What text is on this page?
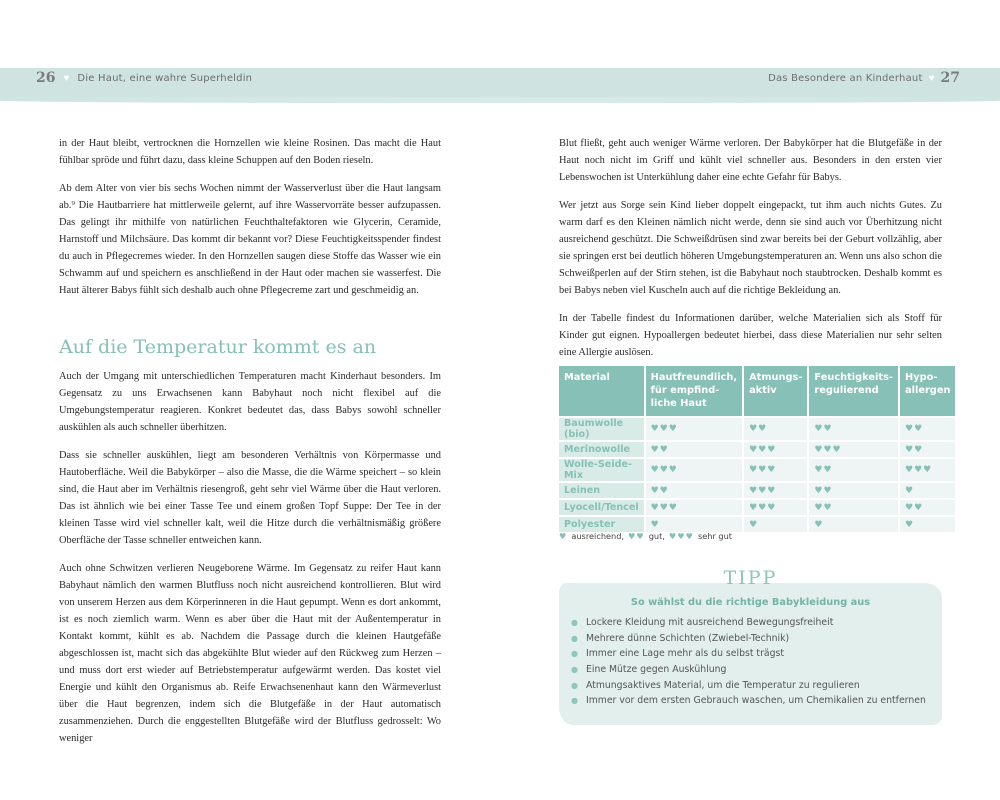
26 ♥ Die Haut, eine wahre Superheldin	Das Besondere an Kinderhaut ♥ 27

in der Haut bleibt, vertrocknen die Hornzellen wie kleine Rosinen. Das macht die Haut fühlbar spröde und führt dazu, dass kleine Schuppen auf den Boden rieseln.

Ab dem Alter von vier bis sechs Wochen nimmt der Wasserverlust über die Haut langsam ab.⁹ Die Hautbarriere hat mittlerweile gelernt, auf ihre Wasservorräte besser aufzupassen. Das gelingt ihr mithilfe von natürlichen Feuchthaltefaktoren wie Glycerin, Ceramide, Harnstoff und Milchsäure. Das kommt dir bekannt vor? Diese Feuchtigkeitsspender findest du auch in Pflegecremes wieder. In den Hornzellen saugen diese Stoffe das Wasser wie ein Schwamm auf und speichern es anschließend in der Haut oder machen sie wasserfest. Die Haut älterer Babys fühlt sich deshalb auch ohne Pflegecreme zart und geschmeidig an.

Auf die Temperatur kommt es an

Auch der Umgang mit unterschiedlichen Temperaturen macht Kinderhaut besonders. Im Gegensatz zu uns Erwachsenen kann Babyhaut noch nicht flexibel auf die Umgebungstemperatur reagieren. Konkret bedeutet das, dass Babys sowohl schneller auskühlen als auch schneller überhitzen.

Dass sie schneller auskühlen, liegt am besonderen Verhältnis von Körpermasse und Hautoberfläche. Weil die Babykörper – also die Masse, die die Wärme speichert – so klein sind, die Haut aber im Verhältnis riesengroß, geht sehr viel Wärme über die Haut verloren. Das ist ähnlich wie bei einer Tasse Tee und einem großen Topf Suppe: Der Tee in der kleinen Tasse wird viel schneller kalt, weil die Hitze durch die verhältnismäßig größere Oberfläche der Tasse schneller entweichen kann.

Auch ohne Schwitzen verlieren Neugeborene Wärme. Im Gegensatz zu reifer Haut kann Babyhaut nämlich den warmen Blutfluss noch nicht ausreichend kontrollieren. Blut wird von unserem Herzen aus dem Körperinneren in die Haut gepumpt. Wenn es dort ankommt, ist es noch ziemlich warm. Wenn es aber über die Haut mit der Außentemperatur in Kontakt kommt, kühlt es ab. Nachdem die Passage durch die kleinen Hautgefäße abgeschlossen ist, macht sich das abgekühlte Blut wieder auf den Rückweg zum Herzen – und muss dort erst wieder auf Betriebstemperatur aufgewärmt werden. Das kostet viel Energie und kühlt den Organismus ab. Reife Erwachsenenhaut kann den Wärmeverlust über die Haut begrenzen, indem sich die Blutgefäße in der Haut automatisch zusammenziehen. Durch die enggestellten Blutgefäße wird der Blutfluss gedrosselt: Wo weniger

Blut fließt, geht auch weniger Wärme verloren. Der Babykörper hat die Blutgefäße in der Haut noch nicht im Griff und kühlt viel schneller aus. Besonders in den ersten vier Lebenswochen ist Unterkühlung daher eine echte Gefahr für Babys.

Wer jetzt aus Sorge sein Kind lieber doppelt eingepackt, tut ihm auch nichts Gutes. Zu warm darf es den Kleinen nämlich nicht werde, denn sie sind auch vor Überhitzung nicht ausreichend geschützt. Die Schweißdrüsen sind zwar bereits bei der Geburt vollzählig, aber sie springen erst bei deutlich höheren Umgebungstemperaturen an. Wenn uns also schon die Schweißperlen auf der Stirn stehen, ist die Babyhaut noch staubtrocken. Deshalb kommt es bei Babys neben viel Kuscheln auch auf die richtige Bekleidung an.

In der Tabelle findest du Informationen darüber, welche Materialien sich als Stoff für Kinder gut eignen. Hypoallergen bedeutet hierbei, dass diese Materialien nur sehr selten eine Allergie auslösen.

Material	Hautfreundlich, für empfind-liche Haut	Atmungs-aktiv	Feuchtigkeits-regulierend	Hypo-allergen
Baumwolle (bio)	♥♥♥	♥♥	♥♥	♥♥
Merinowolle	♥♥	♥♥♥	♥♥♥	♥♥
Wolle-Seide-Mix	♥♥♥	♥♥♥	♥♥	♥♥♥
Leinen	♥♥	♥♥♥	♥♥	♥
Lyocell/Tencel	♥♥♥	♥♥♥	♥♥	♥♥
Polyester	♥	♥	♥	♥
♥ ausreichend, ♥♥ gut, ♥♥♥ sehr gut
TIPP
So wählst du die richtige Babykleidung aus
● Lockere Kleidung mit ausreichend Bewegungsfreiheit
● Mehrere dünne Schichten (Zwiebel-Technik)
● Immer eine Lage mehr als du selbst trägst
● Eine Mütze gegen Auskühlung
● Atmungsaktives Material, um die Temperatur zu regulieren
● Immer vor dem ersten Gebrauch waschen, um Chemikalien zu entfernen
